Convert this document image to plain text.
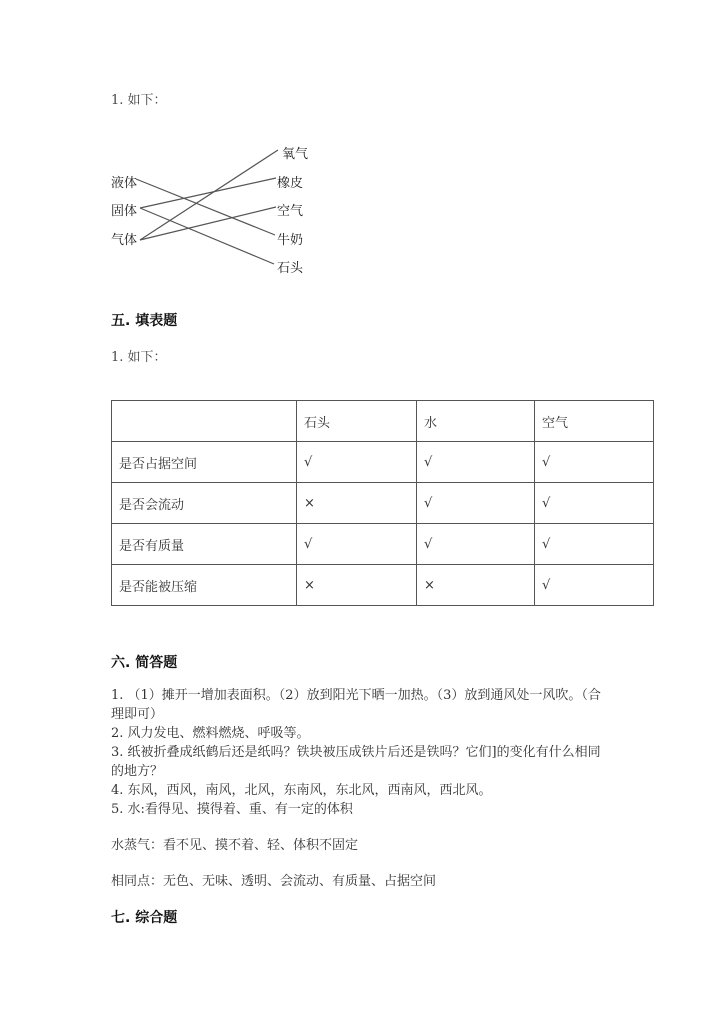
1. 如下：
液体
固体
气体
氧气
橡皮
空气
牛奶
石头
五. 填表题
1. 如下：
	石头	水	空气
是否占据空间	√	√	√
是否会流动	×	√	√
是否有质量	√	√	√
是否能被压缩	×	×	√
六. 简答题
1. （1）摊开一增加表面积。（2）放到阳光下晒一加热。（3）放到通风处一风吹。（合理即可）
2. 风力发电、燃料燃烧、呼吸等。
3. 纸被折叠成纸鹤后还是纸吗？铁块被压成铁片后还是铁吗？它们]的变化有什么相同的地方？
4. 东风，西风，南风，北风，东南风，东北风，西南风，西北风。
5. 水:看得见、摸得着、重、有一定的体积
水蒸气：看不见、摸不着、轻、体积不固定
相同点：无色、无味、透明、会流动、有质量、占据空间
七. 综合题
